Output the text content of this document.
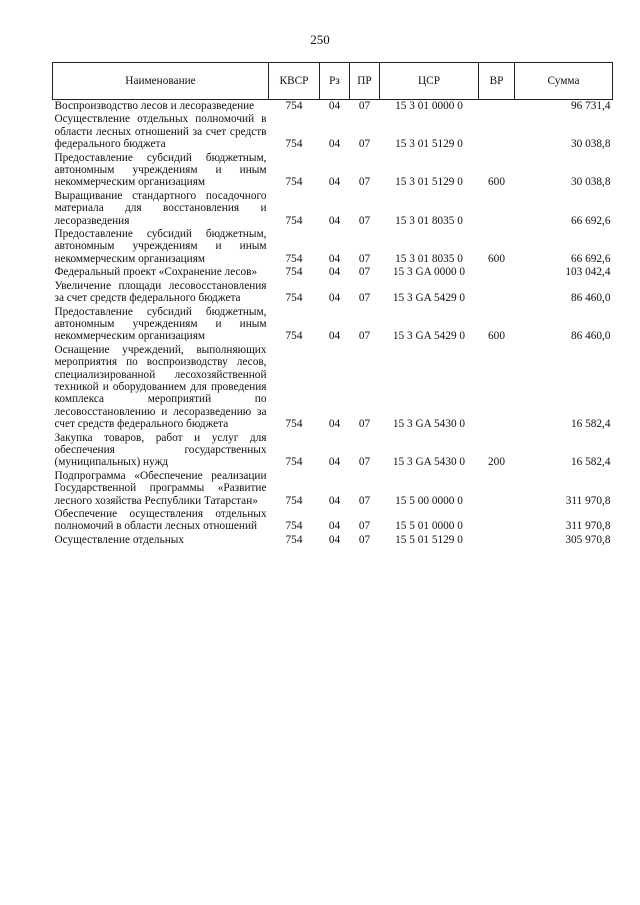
250
Наименование	КВСР	Рз	ПР	ЦСР	ВР	Сумма
Воспроизводство лесов и лесоразведение	754	04	07	15 3 01 0000 0		96 731,4
Осуществление отдельных полномочий в области лесных отношений за счет средств федерального бюджета	754	04	07	15 3 01 5129 0		30 038,8
Предоставление субсидий бюджетным, автономным учреждениям и иным некоммерческим организациям	754	04	07	15 3 01 5129 0	600	30 038,8
Выращивание стандартного посадочного материала для восстановления и лесоразведения	754	04	07	15 3 01 8035 0		66 692,6
Предоставление субсидий бюджетным, автономным учреждениям и иным некоммерческим организациям	754	04	07	15 3 01 8035 0	600	66 692,6
Федеральный проект «Сохранение лесов»	754	04	07	15 3 GA 0000 0		103 042,4
Увеличение площади лесовосстановления за счет средств федерального бюджета	754	04	07	15 3 GA 5429 0		86 460,0
Предоставление субсидий бюджетным, автономным учреждениям и иным некоммерческим организациям	754	04	07	15 3 GA 5429 0	600	86 460,0
Оснащение учреждений, выполняющих мероприятия по воспроизводству лесов, специализированной лесохозяйственной техникой и оборудованием для проведения комплекса мероприятий по лесовосстановлению и лесоразведению за счет средств федерального бюджета	754	04	07	15 3 GA 5430 0		16 582,4
Закупка товаров, работ и услуг для обеспечения государственных (муниципальных) нужд	754	04	07	15 3 GA 5430 0	200	16 582,4
Подпрограмма «Обеспечение реализации Государственной программы «Развитие лесного хозяйства Республики Татарстан»	754	04	07	15 5 00 0000 0		311 970,8
Обеспечение осуществления отдельных полномочий в области лесных отношений	754	04	07	15 5 01 0000 0		311 970,8
Осуществление отдельных	754	04	07	15 5 01 5129 0		305 970,8
